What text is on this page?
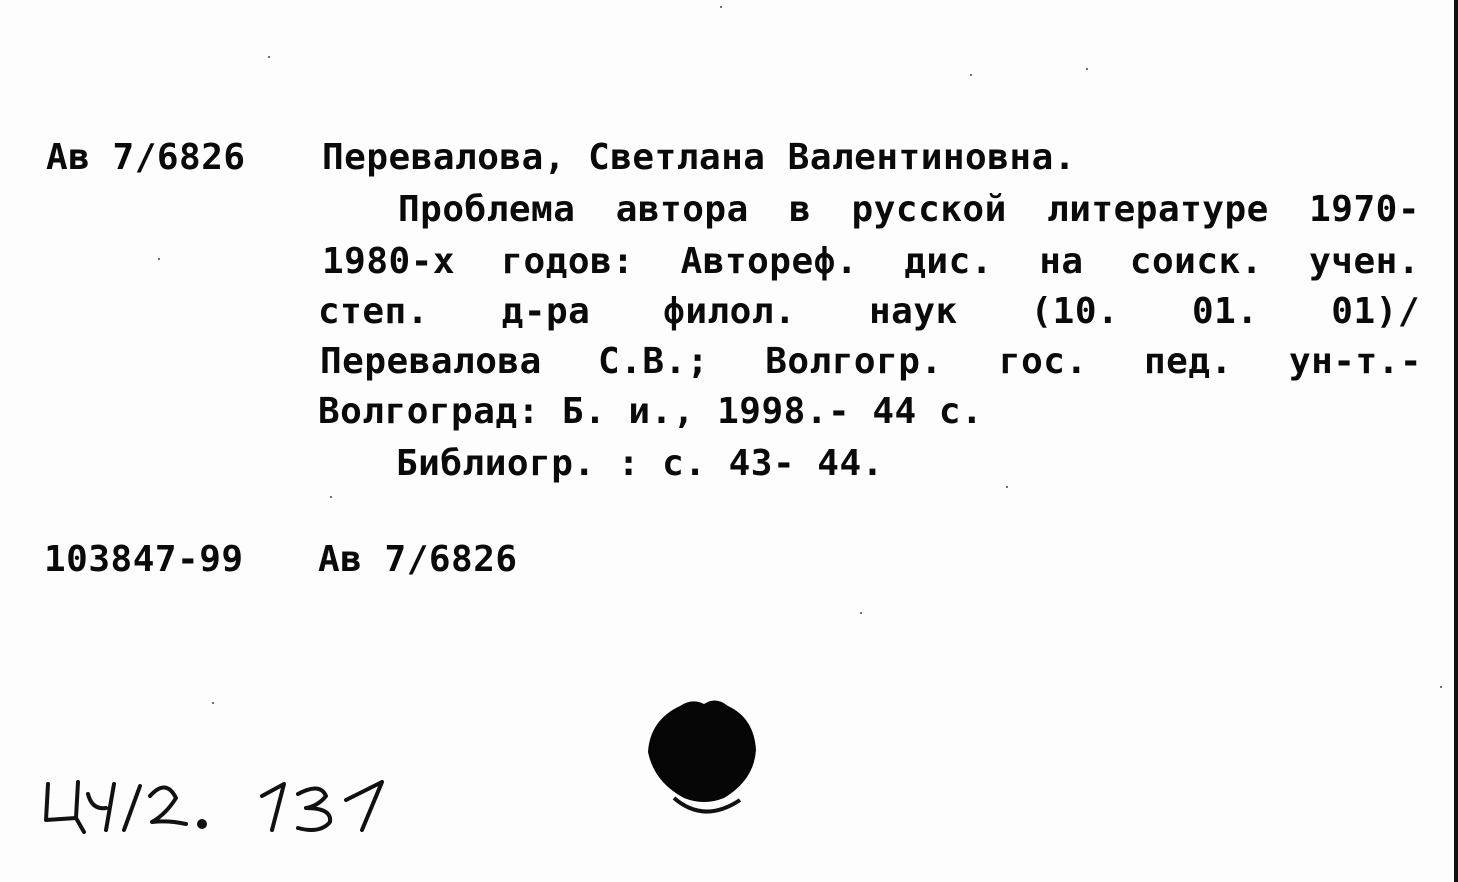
Ав 7/6826 Перевалова, Светлана Валентиновна.
Проблема автора в русской литературе 1970-
1980-х годов: Автореф. дис. на соиск. учен.
степ. д-ра филол. наук (10. 01. 01)/
Перевалова С.В.; Волгогр. гос. пед. ун-т.-
Волгоград: Б. и., 1998.- 44 с.
Библиогр. : с. 43- 44.
103847-99 Ав 7/6826
